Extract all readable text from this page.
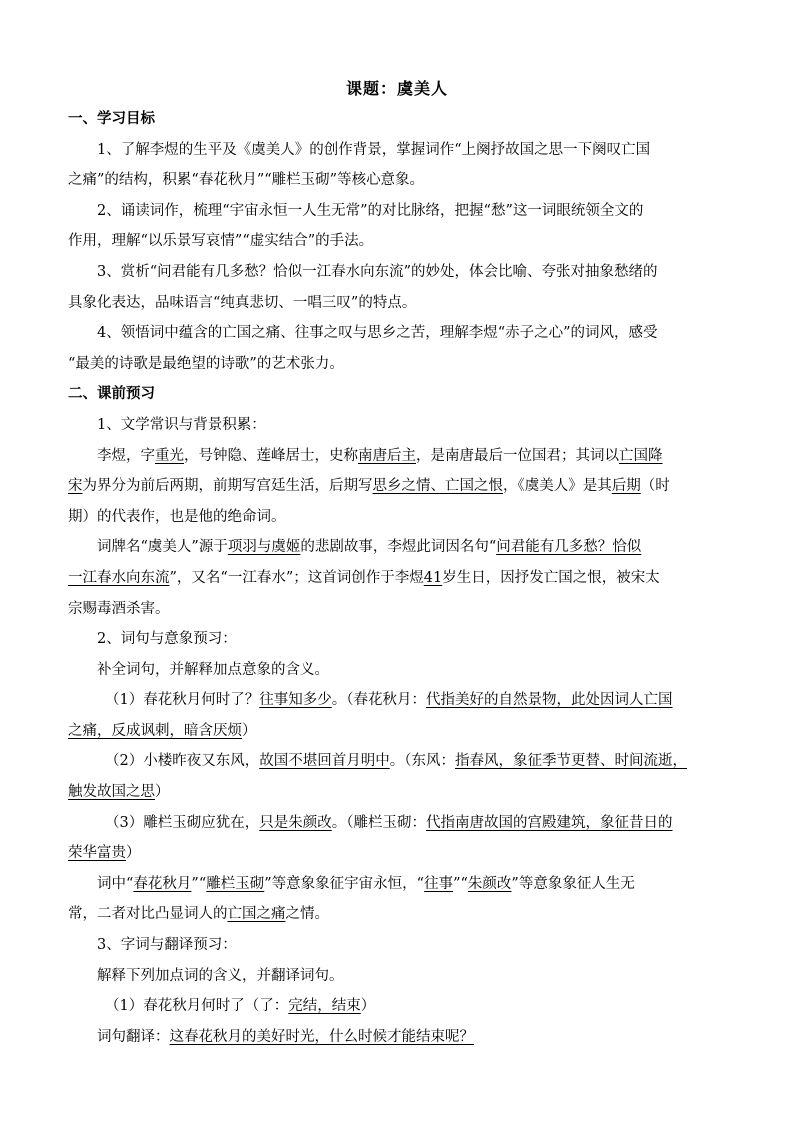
课题：虞美人
一、学习目标
1、了解李煜的生平及《虞美人》的创作背景，掌握词作“上阕抒故国之思一下阕叹亡国
之痛”的结构，积累“春花秋月”“雕栏玉砌”等核心意象。
2、诵读词作，梳理“宇宙永恒一人生无常”的对比脉络，把握“愁”这一词眼统领全文的
作用，理解“以乐景写哀情”“虚实结合”的手法。
3、赏析“问君能有几多愁？恰似一江春水向东流”的妙处，体会比喻、夸张对抽象愁绪的
具象化表达，品味语言“纯真悲切、一唱三叹”的特点。
4、领悟词中蕴含的亡国之痛、往事之叹与思乡之苦，理解李煜“赤子之心”的词风，感受
“最美的诗歌是最绝望的诗歌”的艺术张力。
二、课前预习
1、文学常识与背景积累：
李煜，字重光，号钟隐、莲峰居士，史称南唐后主，是南唐最后一位国君；其词以亡国降
宋为界分为前后两期，前期写宫廷生活，后期写思乡之情、亡国之恨，《虞美人》是其后期（时
期）的代表作，也是他的绝命词。
词牌名“虞美人”源于项羽与虞姬的悲剧故事，李煜此词因名句“问君能有几多愁？恰似
一江春水向东流”，又名“一江春水”；这首词创作于李煜41岁生日，因抒发亡国之恨，被宋太
宗赐毒酒杀害。
2、词句与意象预习：
补全词句，并解释加点意象的含义。
（1）春花秋月何时了？往事知多少。（春花秋月：代指美好的自然景物，此处因词人亡国
之痛，反成讽刺，暗含厌烦）
（2）小楼昨夜又东风，故国不堪回首月明中。（东风：指春风，象征季节更替、时间流逝，
触发故国之思）
（3）雕栏玉砌应犹在，只是朱颜改。（雕栏玉砌：代指南唐故国的宫殿建筑，象征昔日的
荣华富贵）
词中“春花秋月”“雕栏玉砌”等意象象征宇宙永恒，“往事”“朱颜改”等意象象征人生无
常，二者对比凸显词人的亡国之痛之情。
3、字词与翻译预习：
解释下列加点词的含义，并翻译词句。
（1）春花秋月何时了（了：完结，结束）
词句翻译：这春花秋月的美好时光，什么时候才能结束呢？
